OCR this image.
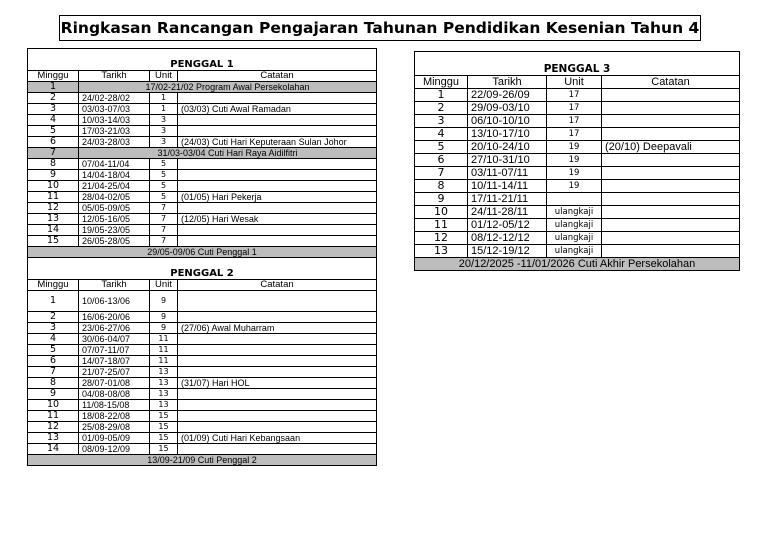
Ringkasan Rancangan Pengajaran Tahunan Pendidikan Kesenian Tahun 4
PENGGAL 1			
Minggu	Tarikh	Unit	Catatan
1	17/02-21/02 Program Awal Persekolahan		
2	24/02-28/02	1	
3	03/03-07/03	1	(03/03) Cuti Awal Ramadan
4	10/03-14/03	3	
5	17/03-21/03	3	
6	24/03-28/03	3	(24/03) Cuti Hari Keputeraan Sulan Johor
7	31/03-03/04 Cuti Hari Raya Aidilfitri		
8	07/04-11/04	5	
9	14/04-18/04	5	
10	21/04-25/04	5	
11	28/04-02/05	5	(01/05) Hari Pekerja
12	05/05-09/05	7	
13	12/05-16/05	7	(12/05) Hari Wesak
14	19/05-23/05	7	
15	26/05-28/05	7	
29/05-09/06 Cuti Penggal 1			
PENGGAL 2			
Minggu	Tarikh	Unit	Catatan
1	10/06-13/06	9	
2	16/06-20/06	9	
3	23/06-27/06	9	(27/06) Awal Muharram
4	30/06-04/07	11	
5	07/07-11/07	11	
6	14/07-18/07	11	
7	21/07-25/07	13	
8	28/07-01/08	13	(31/07) Hari HOL
9	04/08-08/08	13	
10	11/08-15/08	13	
11	18/08-22/08	15	
12	25/08-29/08	15	
13	01/09-05/09	15	(01/09) Cuti Hari Kebangsaan
14	08/09-12/09	15	
13/09-21/09 Cuti Penggal 2			
PENGGAL 3			
Minggu	Tarikh	Unit	Catatan
1	22/09-26/09	17	
2	29/09-03/10	17	
3	06/10-10/10	17	
4	13/10-17/10	17	
5	20/10-24/10	19	(20/10) Deepavali
6	27/10-31/10	19	
7	03/11-07/11	19	
8	10/11-14/11	19	
9	17/11-21/11		
10	24/11-28/11	ulangkaji	
11	01/12-05/12	ulangkaji	
12	08/12-12/12	ulangkaji	
13	15/12-19/12	ulangkaji	
20/12/2025 -11/01/2026 Cuti Akhir Persekolahan			
